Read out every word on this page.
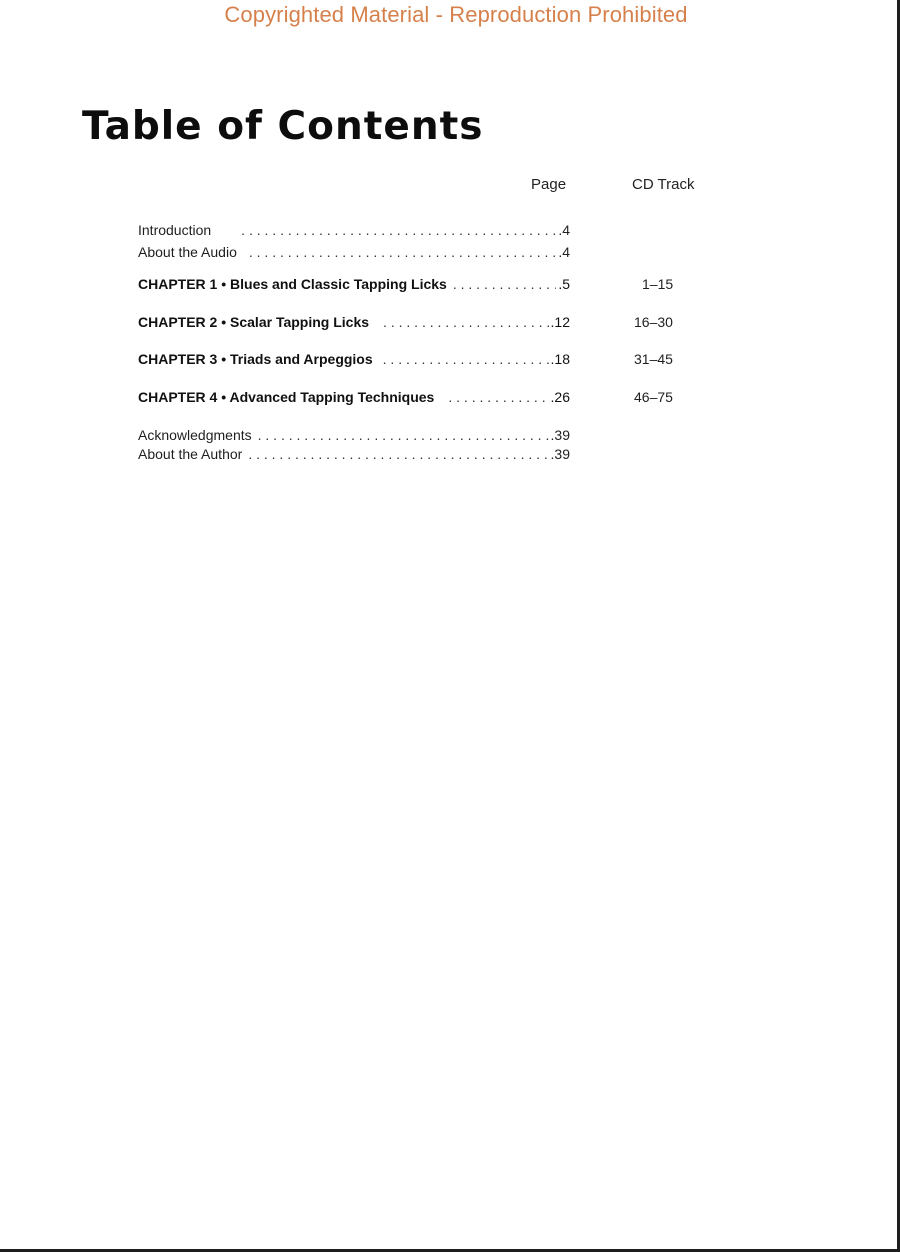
Copyrighted Material - Reproduction Prohibited
Table of Contents
Page	CD Track
Introduction . . .	.4
About the Audio . . .	.4
CHAPTER 1 • Blues and Classic Tapping Licks . . .	.5	1–15
CHAPTER 2 • Scalar Tapping Licks . . .	.12	16–30
CHAPTER 3 • Triads and Arpeggios . . .	.18	31–45
CHAPTER 4 • Advanced Tapping Techniques . . .	.26	46–75
Acknowledgments . . .	.39
About the Author . . .	.39
